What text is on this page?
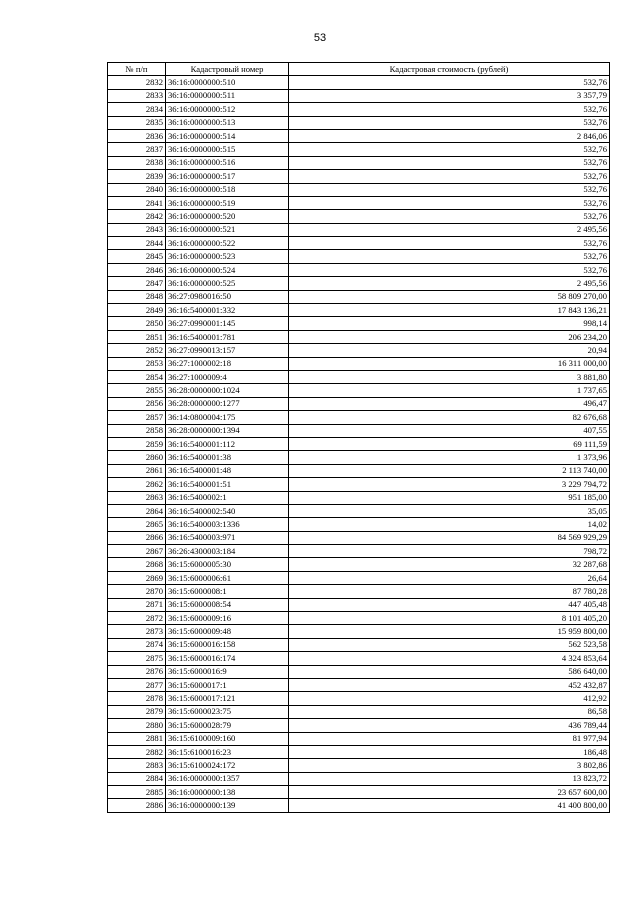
53
№ п/п	Кадастровый номер	Кадастровая стоимость (рублей)
2832	36:16:0000000:510	532,76
2833	36:16:0000000:511	3 357,79
2834	36:16:0000000:512	532,76
2835	36:16:0000000:513	532,76
2836	36:16:0000000:514	2 846,06
2837	36:16:0000000:515	532,76
2838	36:16:0000000:516	532,76
2839	36:16:0000000:517	532,76
2840	36:16:0000000:518	532,76
2841	36:16:0000000:519	532,76
2842	36:16:0000000:520	532,76
2843	36:16:0000000:521	2 495,56
2844	36:16:0000000:522	532,76
2845	36:16:0000000:523	532,76
2846	36:16:0000000:524	532,76
2847	36:16:0000000:525	2 495,56
2848	36:27:0980016:50	58 809 270,00
2849	36:16:5400001:332	17 843 136,21
2850	36:27:0990001:145	998,14
2851	36:16:5400001:781	206 234,20
2852	36:27:0990013:157	20,94
2853	36:27:1000002:18	16 311 000,00
2854	36:27:1000009:4	3 881,80
2855	36:28:0000000:1024	1 737,65
2856	36:28:0000000:1277	496,47
2857	36:14:0800004:175	82 676,68
2858	36:28:0000000:1394	407,55
2859	36:16:5400001:112	69 111,59
2860	36:16:5400001:38	1 373,96
2861	36:16:5400001:48	2 113 740,00
2862	36:16:5400001:51	3 229 794,72
2863	36:16:5400002:1	951 185,00
2864	36:16:5400002:540	35,05
2865	36:16:5400003:1336	14,02
2866	36:16:5400003:971	84 569 929,29
2867	36:26:4300003:184	798,72
2868	36:15:6000005:30	32 287,68
2869	36:15:6000006:61	26,64
2870	36:15:6000008:1	87 780,28
2871	36:15:6000008:54	447 405,48
2872	36:15:6000009:16	8 101 405,20
2873	36:15:6000009:48	15 959 800,00
2874	36:15:6000016:158	562 523,58
2875	36:15:6000016:174	4 324 853,64
2876	36:15:6000016:9	586 640,00
2877	36:15:6000017:1	452 432,87
2878	36:15:6000017:121	412,92
2879	36:15:6000023:75	86,58
2880	36:15:6000028:79	436 789,44
2881	36:15:6100009:160	81 977,94
2882	36:15:6100016:23	186,48
2883	36:15:6100024:172	3 802,86
2884	36:16:0000000:1357	13 823,72
2885	36:16:0000000:138	23 657 600,00
2886	36:16:0000000:139	41 400 800,00
